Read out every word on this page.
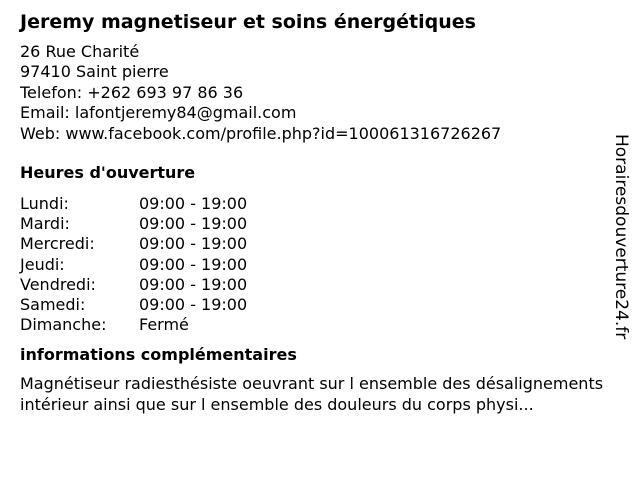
Jeremy magnetiseur et soins énergétiques
26 Rue Charité
97410 Saint pierre
Telefon: +262 693 97 86 36
Email: lafontjeremy84@gmail.com
Web: www.facebook.com/profile.php?id=100061316726267
Heures d'ouverture
Lundi:	09:00 - 19:00
Mardi:	09:00 - 19:00
Mercredi:	09:00 - 19:00
Jeudi:	09:00 - 19:00
Vendredi:	09:00 - 19:00
Samedi:	09:00 - 19:00
Dimanche:	Fermé
informations complémentaires
Magnétiseur radiesthésiste oeuvrant sur l ensemble des désalignements intérieur ainsi que sur l ensemble des douleurs du corps physi...
Horairesdouverture24.fr
